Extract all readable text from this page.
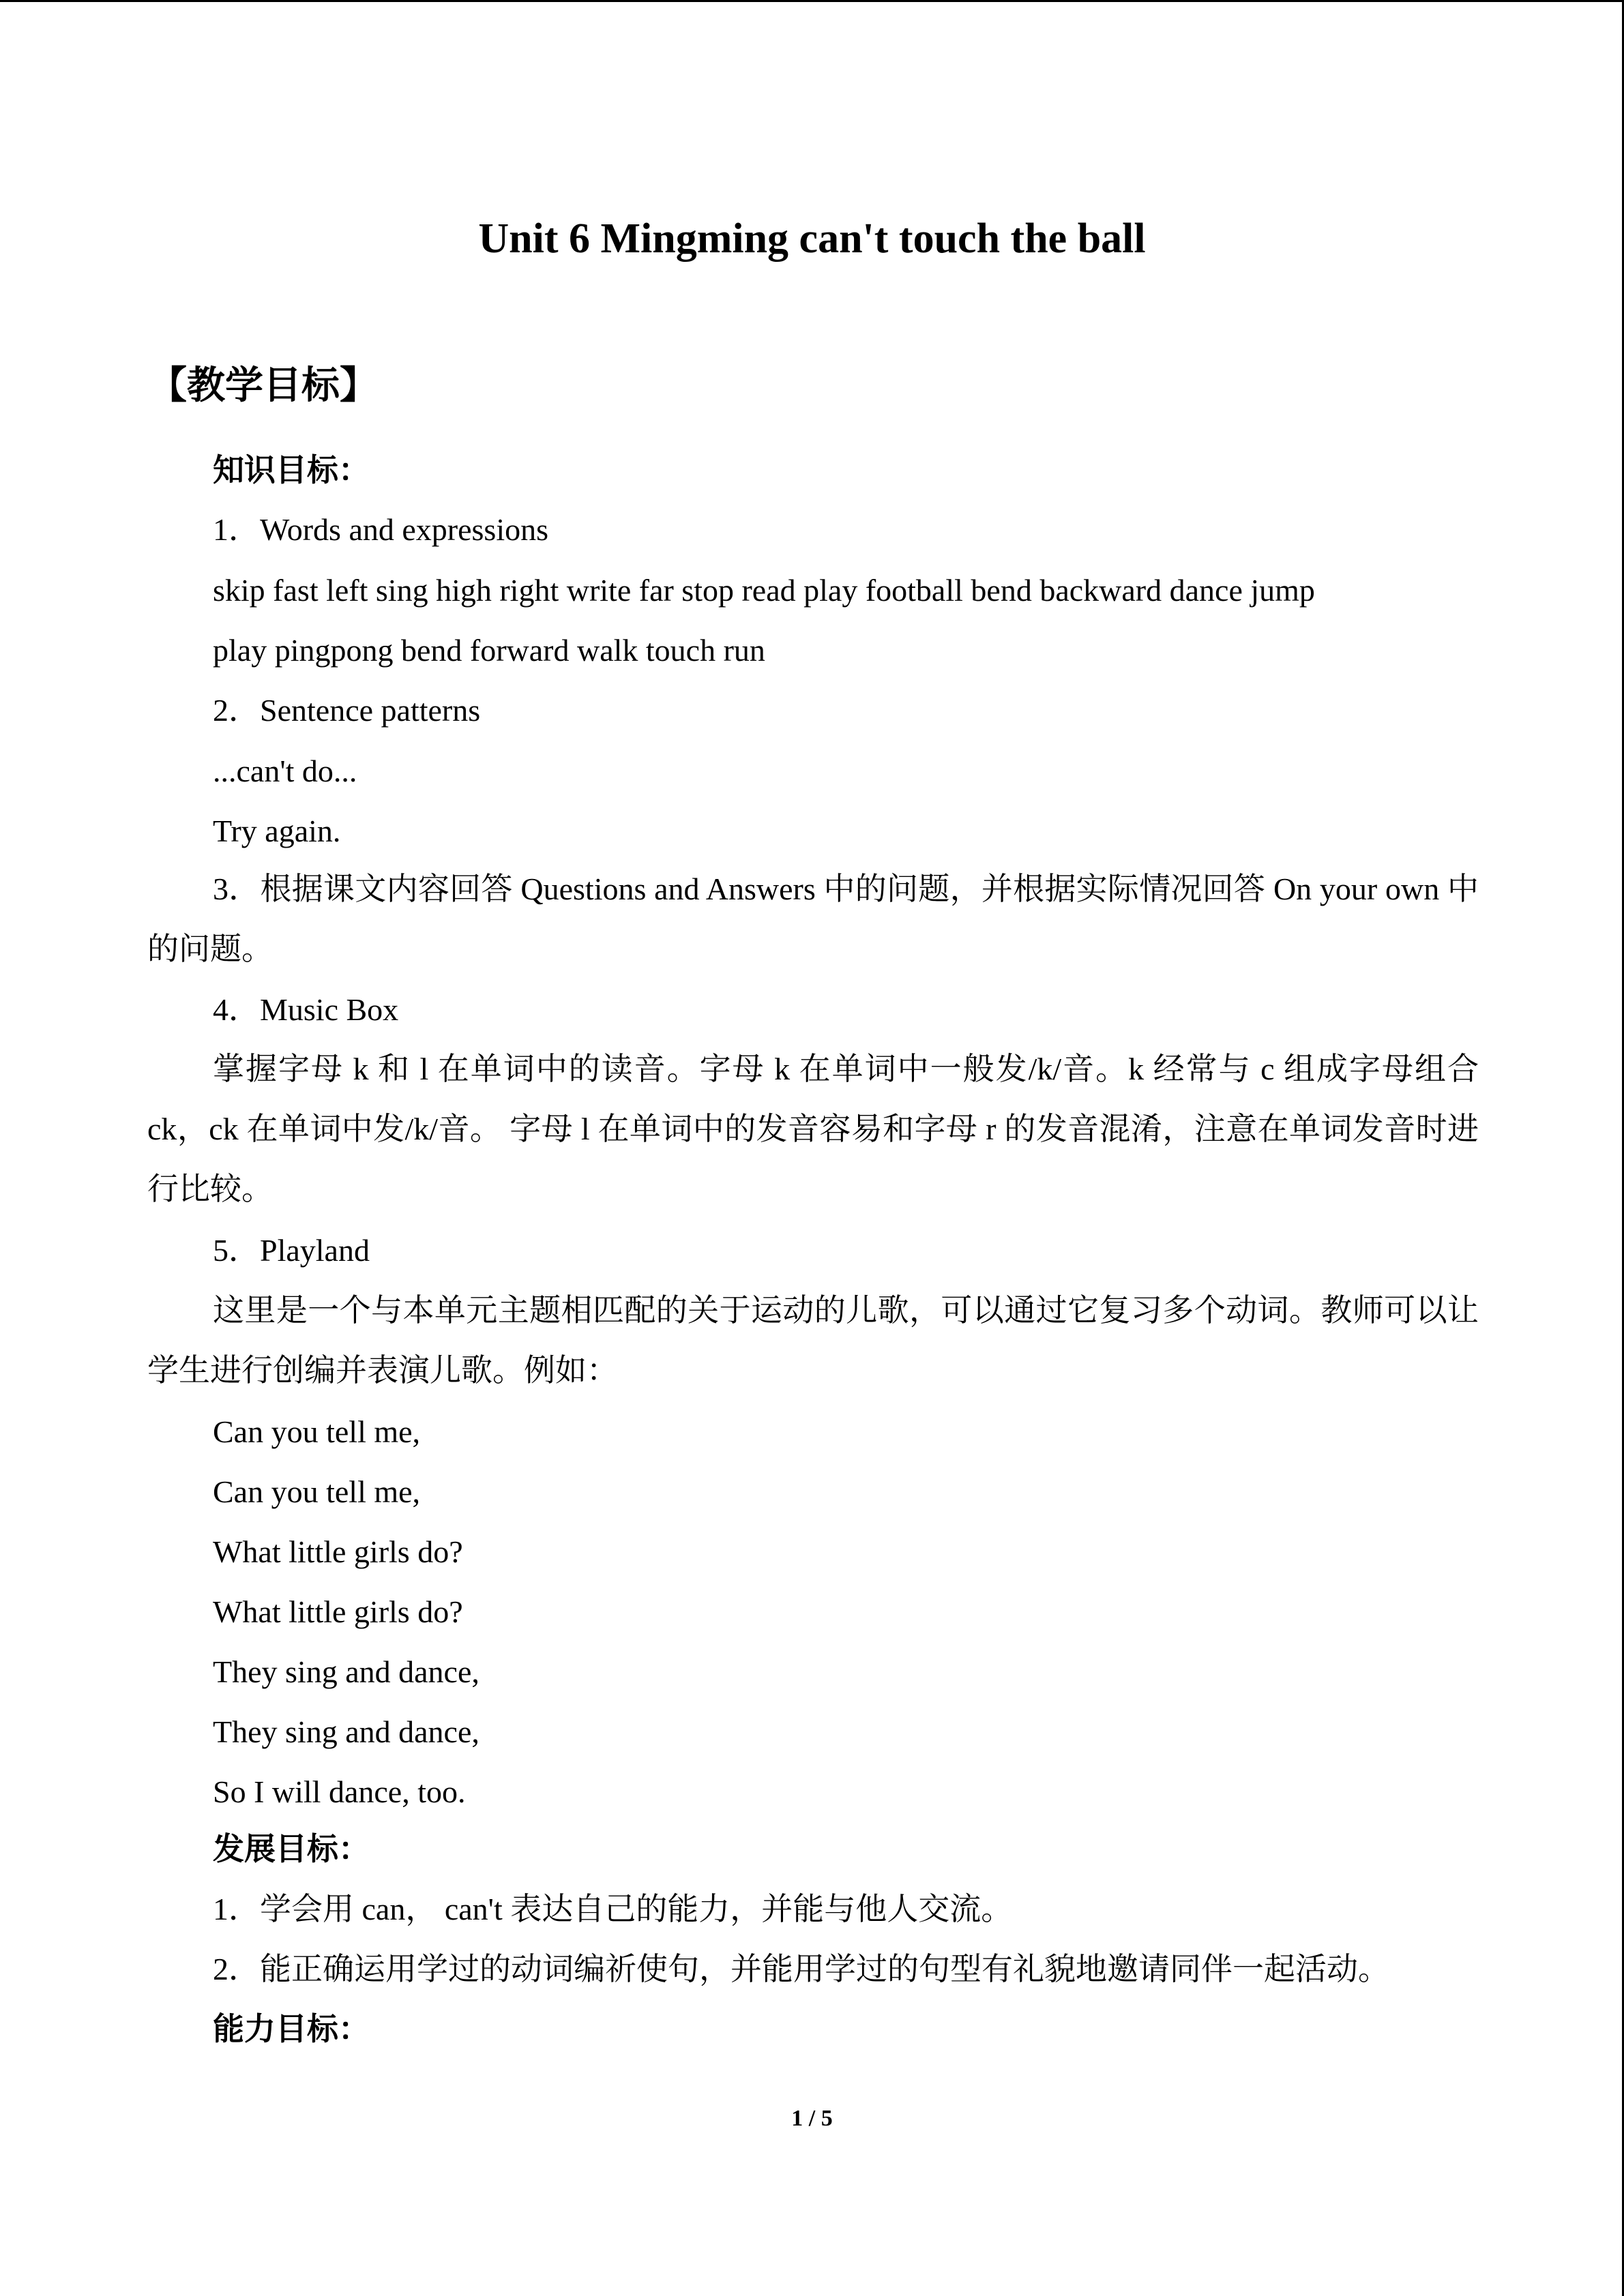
Unit 6 Mingming can't touch the ball
【教学目标】
知识目标：
1．Words and expressions
skip fast left sing high right write far stop read play football bend backward dance jump
play pingpong bend forward walk touch run
2．Sentence patterns
...can't do...
Try again.
3．根据课文内容回答 Questions and Answers 中的问题，并根据实际情况回答 On your own 中的问题。
4．Music Box
掌握字母 k 和 l 在单词中的读音。字母 k 在单词中一般发/k/音。k 经常与 c 组成字母组合 ck，ck 在单词中发/k/音。 字母 l 在单词中的发音容易和字母 r 的发音混淆，注意在单词发音时进行比较。
5．Playland
这里是一个与本单元主题相匹配的关于运动的儿歌，可以通过它复习多个动词。教师可以让学生进行创编并表演儿歌。例如：
Can you tell me,
Can you tell me,
What little girls do?
What little girls do?
They sing and dance,
They sing and dance,
So I will dance, too.
发展目标：
1．学会用 can， can't 表达自己的能力，并能与他人交流。
2．能正确运用学过的动词编祈使句，并能用学过的句型有礼貌地邀请同伴一起活动。
能力目标：
1 / 5
